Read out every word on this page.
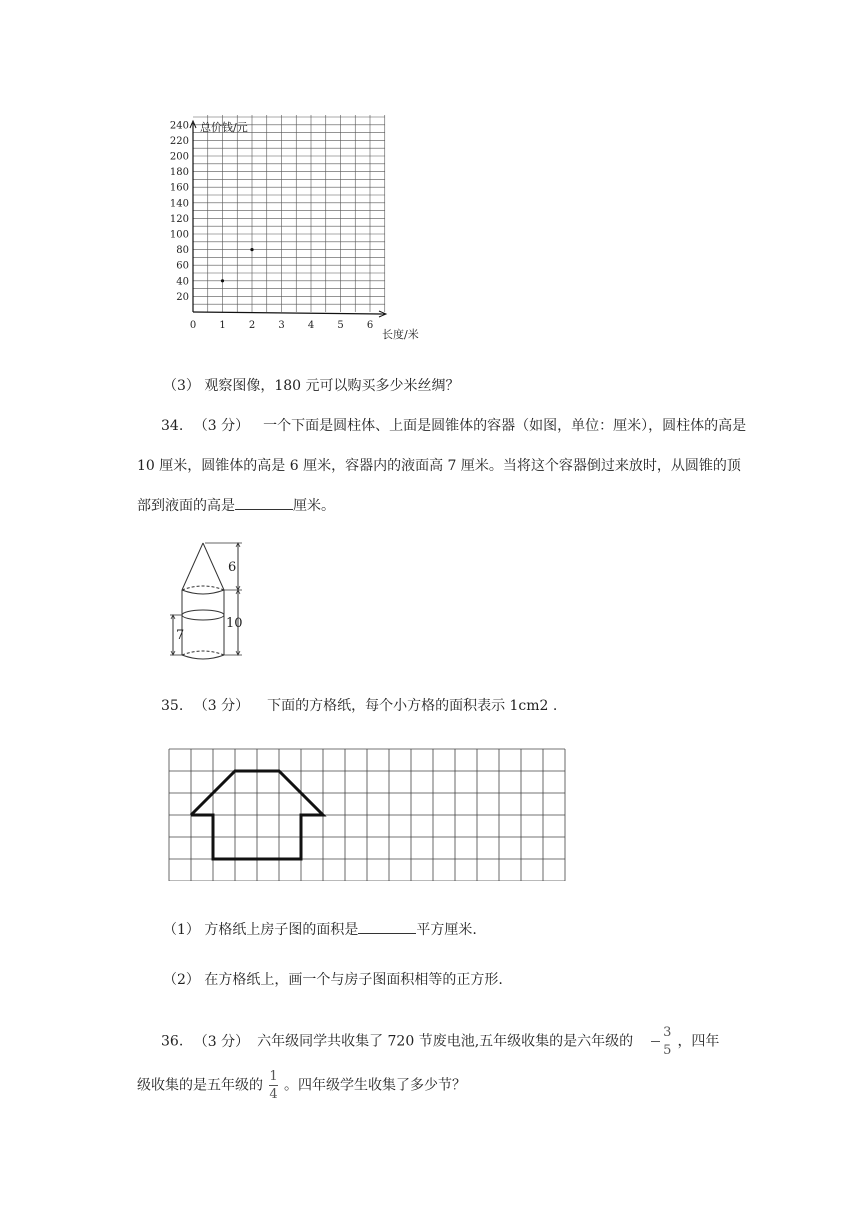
20
40
60
80
100
120
140
160
180
200
220
240
0 1 2 3 4 5 6
总价钱/元
长度/米
（3） 观察图像，180 元可以购买多少米丝绸？
34. （3 分） 一个下面是圆柱体、上面是圆锥体的容器（如图，单位：厘米），圆柱体的高是 10 厘米，圆锥体的高是 6 厘米，容器内的液面高 7 厘米。当将这个容器倒过来放时，从圆锥的顶部到液面的高是	厘米。
7
6
10
35. （3 分） 下面的方格纸，每个小方格的面积表示 1cm2 .
（1） 方格纸上房子图的面积是	平方厘米.
（2） 在方格纸上，画一个与房子图面积相等的正方形.
36. （3 分） 六年级同学共收集了 720 节废电池,五年级收集的是六年级的 $\frac{3}{5}$ ，四年
级收集的是五年级的 $\frac{1}{4}$ 。四年级学生收集了多少节？
